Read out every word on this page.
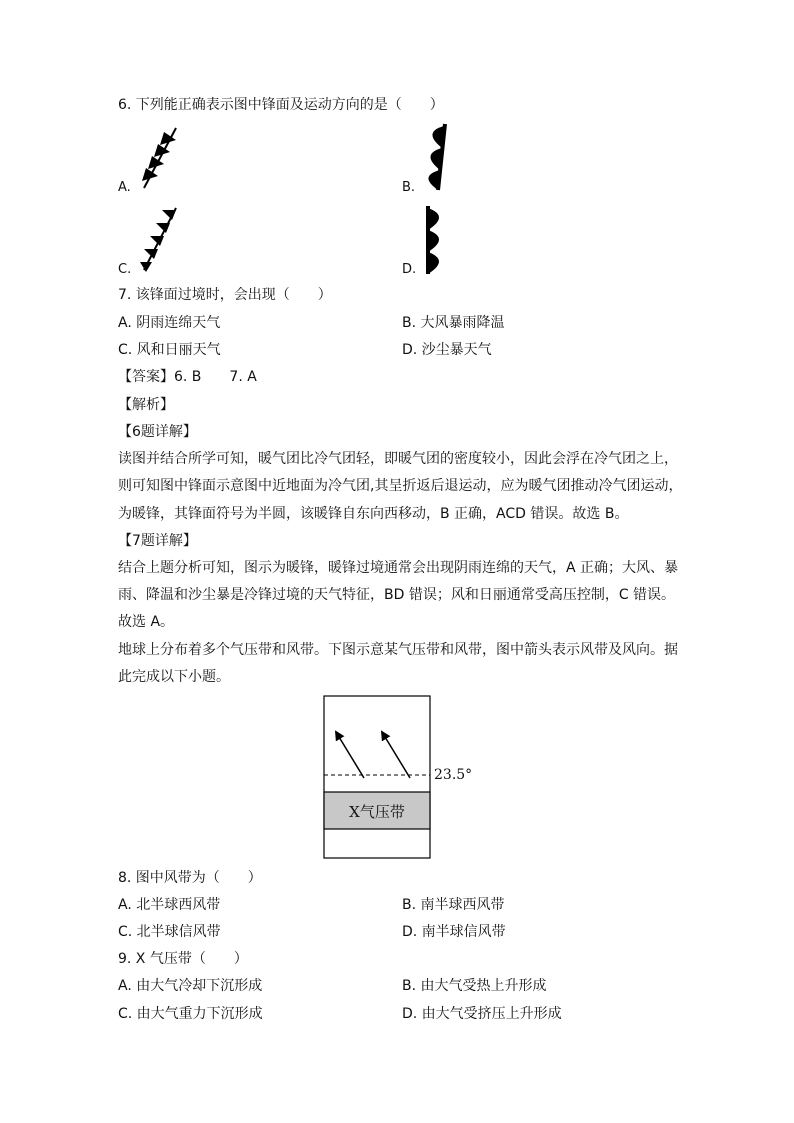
6. 下列能正确表示图中锋面及运动方向的是（　　）
A.	B.
C.	D.
7. 该锋面过境时，会出现（　　）
A. 阴雨连绵天气	B. 大风暴雨降温
C. 风和日丽天气	D. 沙尘暴天气
【答案】6. B　　7. A
【解析】
【6题详解】
读图并结合所学可知，暖气团比冷气团轻，即暖气团的密度较小，因此会浮在冷气团之上，
则可知图中锋面示意图中近地面为冷气团,其呈折返后退运动，应为暖气团推动冷气团运动，
为暖锋，其锋面符号为半圆，该暖锋自东向西移动，B 正确，ACD 错误。故选 B。
【7题详解】
结合上题分析可知，图示为暖锋，暖锋过境通常会出现阴雨连绵的天气，A 正确；大风、暴
雨、降温和沙尘暴是冷锋过境的天气特征，BD 错误；风和日丽通常受高压控制，C 错误。
故选 A。
地球上分布着多个气压带和风带。下图示意某气压带和风带，图中箭头表示风带及风向。据
此完成以下小题。
X气压带
23.5°
8. 图中风带为（　　）
A. 北半球西风带	B. 南半球西风带
C. 北半球信风带	D. 南半球信风带
9. X 气压带（　　）
A. 由大气冷却下沉形成	B. 由大气受热上升形成
C. 由大气重力下沉形成	D. 由大气受挤压上升形成
